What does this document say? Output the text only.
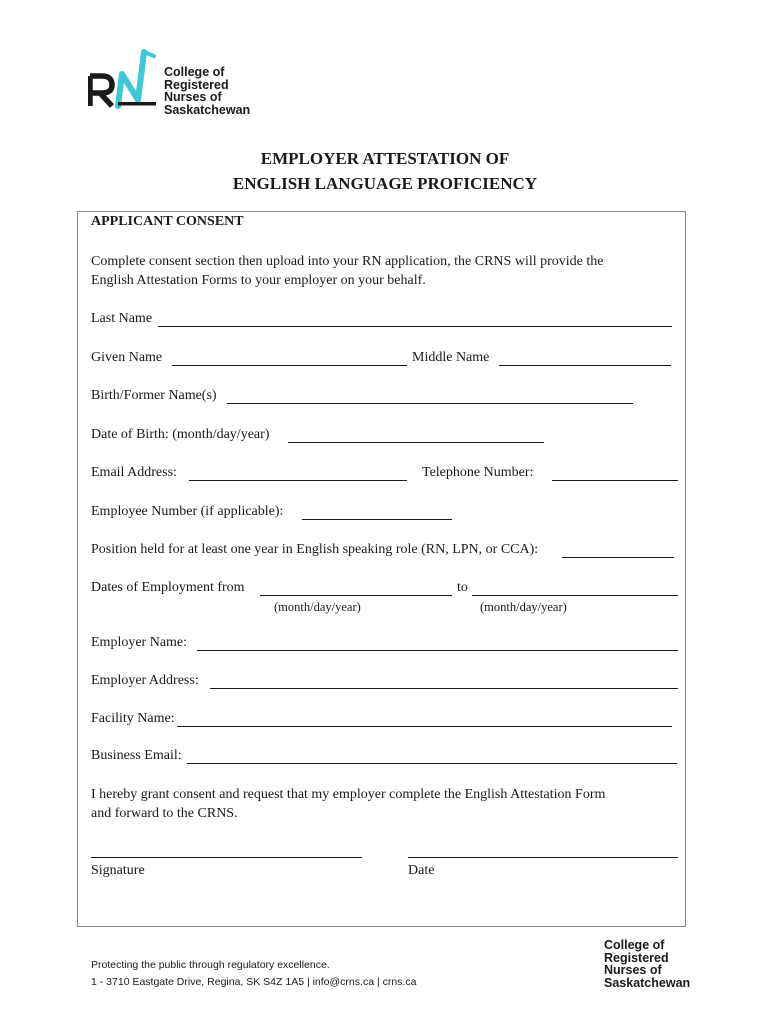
College of
Registered
Nurses of
Saskatchewan
EMPLOYER ATTESTATION OF
ENGLISH LANGUAGE PROFICIENCY
APPLICANT CONSENT
Complete consent section then upload into your RN application, the CRNS will provide the
English Attestation Forms to your employer on your behalf.
Last Name
Given Name	Middle Name
Birth/Former Name(s)
Date of Birth: (month/day/year)
Email Address:	Telephone Number:
Employee Number (if applicable):
Position held for at least one year in English speaking role (RN, LPN, or CCA):
Dates of Employment from	to
(month/day/year)	(month/day/year)
Employer Name:
Employer Address:
Facility Name:
Business Email:
I hereby grant consent and request that my employer complete the English Attestation Form
and forward to the CRNS.
Signature	Date
Protecting the public through regulatory excellence.
1 - 3710 Eastgate Drive, Regina, SK S4Z 1A5 | info@crns.ca | crns.ca
College of
Registered
Nurses of
Saskatchewan
